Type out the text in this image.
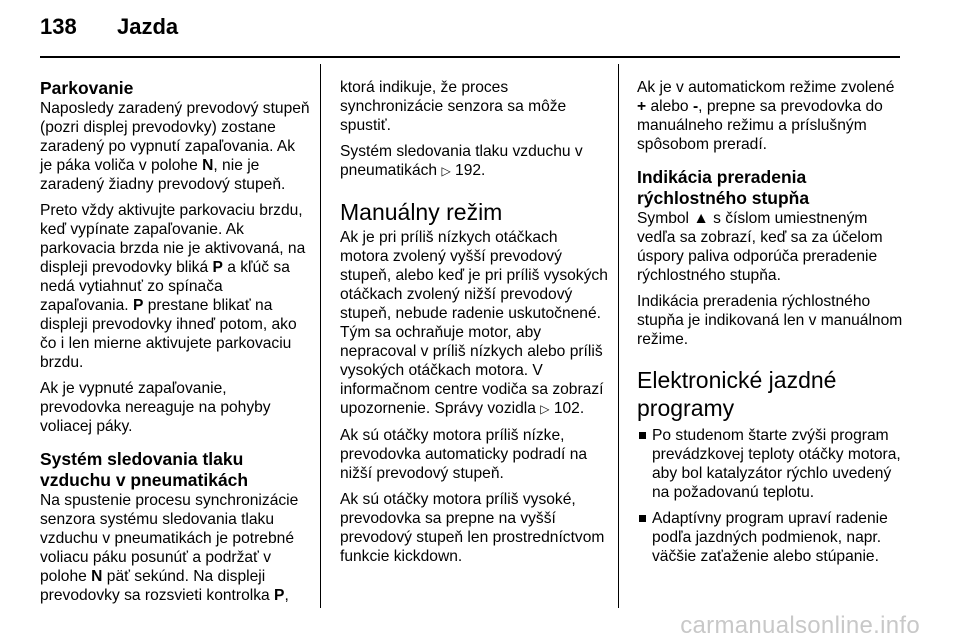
138 Jazda
Parkovanie

Naposledy zaradený prevodový stupeň (pozri displej prevodovky) zostane zaradený po vypnutí zapaľovania. Ak je páka voliča v polohe N, nie je zaradený žiadny prevodový stupeň.

Preto vždy aktivujte parkovaciu brzdu, keď vypínate zapaľovanie. Ak parkovacia brzda nie je aktivovaná, na displeji prevodovky bliká P a kľúč sa nedá vytiahnuť zo spínača zapaľovania. P prestane blikať na displeji prevodovky ihneď potom, ako čo i len mierne aktivujete parkovaciu brzdu.

Ak je vypnuté zapaľovanie, prevodovka nereaguje na pohyby voliacej páky.

Systém sledovania tlaku vzduchu v pneumatikách

Na spustenie procesu synchronizácie senzora systému sledovania tlaku vzduchu v pneumatikách je potrebné voliacu páku posunúť a podržať v polohe N päť sekúnd. Na displeji prevodovky sa rozsvieti kontrolka P,

ktorá indikuje, že proces synchronizácie senzora sa môže spustiť.

Systém sledovania tlaku vzduchu v pneumatikách ▷ 192.

Manuálny režim

Ak je pri príliš nízkych otáčkach motora zvolený vyšší prevodový stupeň, alebo keď je pri príliš vysokých otáčkach zvolený nižší prevodový stupeň, nebude radenie uskutočnené. Tým sa ochraňuje motor, aby nepracoval v príliš nízkych alebo príliš vysokých otáčkach motora. V informačnom centre vodiča sa zobrazí upozornenie. Správy vozidla ▷ 102.

Ak sú otáčky motora príliš nízke, prevodovka automaticky podradí na nižší prevodový stupeň.

Ak sú otáčky motora príliš vysoké, prevodovka sa prepne na vyšší prevodový stupeň len prostredníctvom funkcie kickdown.

Ak je v automatickom režime zvolené + alebo -, prepne sa prevodovka do manuálneho režimu a príslušným spôsobom preradí.

Indikácia preradenia rýchlostného stupňa

Symbol ▲ s číslom umiestneným vedľa sa zobrazí, keď sa za účelom úspory paliva odporúča preradenie rýchlostného stupňa.

Indikácia preradenia rýchlostného stupňa je indikovaná len v manuálnom režime.

Elektronické jazdné programy
Po studenom štarte zvýši program prevádzkovej teploty otáčky motora, aby bol katalyzátor rýchlo uvedený na požadovanú teplotu.
Adaptívny program upraví radenie podľa jazdných podmienok, napr. väčšie zaťaženie alebo stúpanie.
carmanualsonline.info
